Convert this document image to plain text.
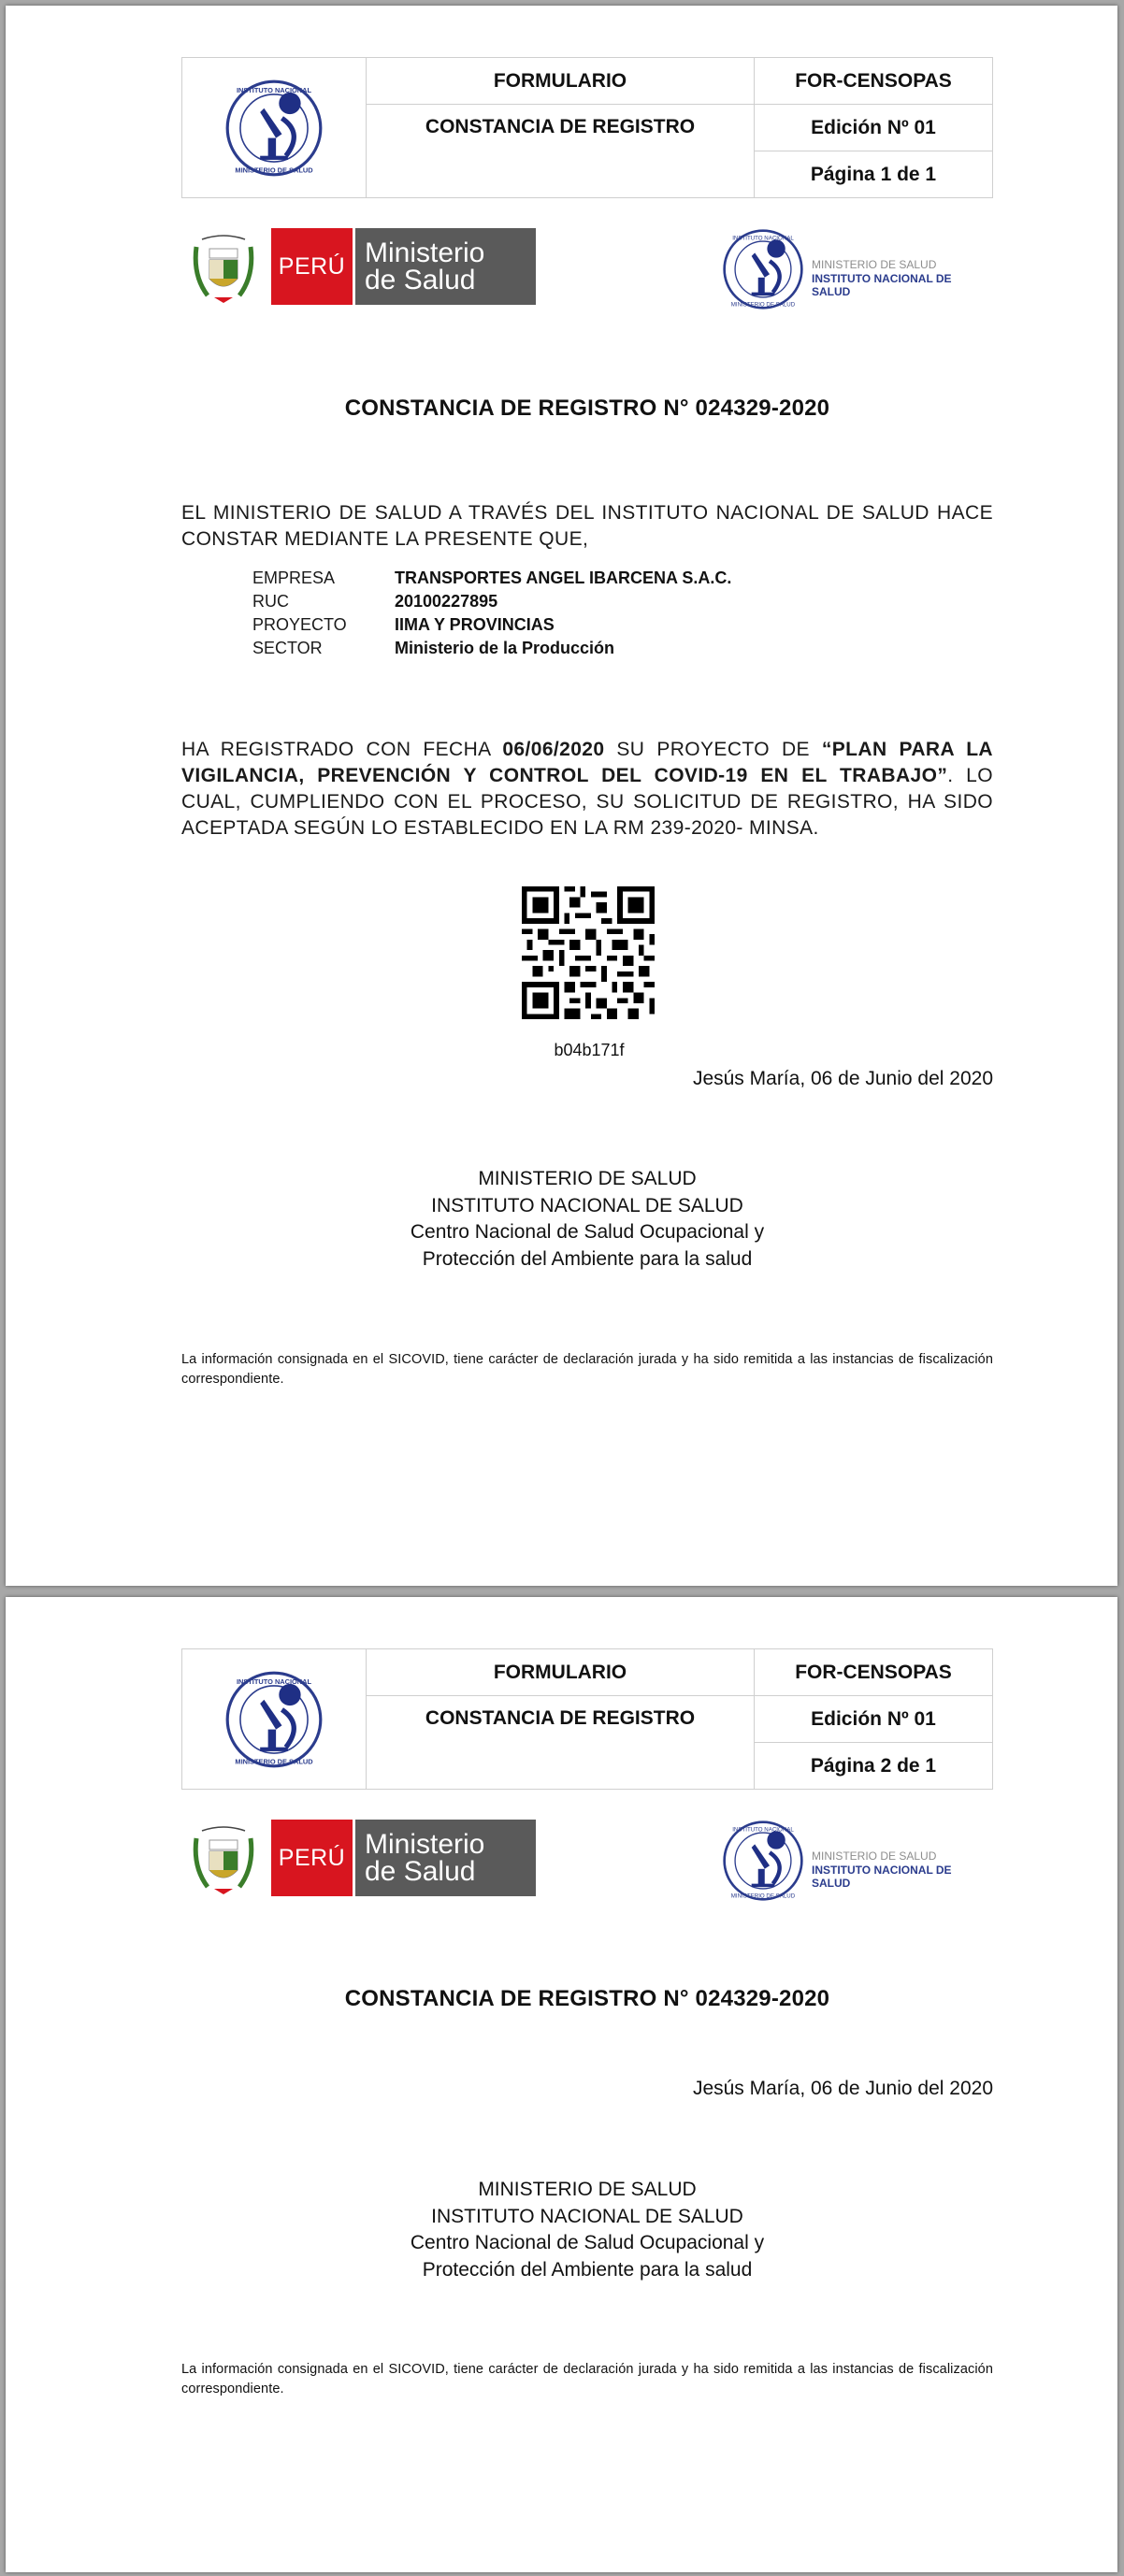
	FORMULARIO	FOR-CENSOPAS
	CONSTANCIA DE REGISTRO	Edición Nº 01
		Página 1 de 1
PERÚ Ministerio
de Salud	MINISTERIO DE SALUD
INSTITUTO NACIONAL DE SALUD
CONSTANCIA DE REGISTRO N° 024329-2020
EL MINISTERIO DE SALUD A TRAVÉS DEL INSTITUTO NACIONAL DE SALUD HACE CONSTAR MEDIANTE LA PRESENTE QUE,
EMPRESA	TRANSPORTES ANGEL IBARCENA S.A.C.
RUC	20100227895
PROYECTO	IIMA Y PROVINCIAS
SECTOR	Ministerio de la Producción
HA REGISTRADO CON FECHA 06/06/2020 SU PROYECTO DE “PLAN PARA LA VIGILANCIA, PREVENCIÓN Y CONTROL DEL COVID-19 EN EL TRABAJO”. LO CUAL, CUMPLIENDO CON EL PROCESO, SU SOLICITUD DE REGISTRO, HA SIDO ACEPTADA SEGÚN LO ESTABLECIDO EN LA RM 239-2020- MINSA.
b04b171f
Jesús María, 06 de Junio del 2020
MINISTERIO DE SALUD
INSTITUTO NACIONAL DE SALUD
Centro Nacional de Salud Ocupacional y
Protección del Ambiente para la salud
La información consignada en el SICOVID, tiene carácter de declaración jurada y ha sido remitida a las instancias de fiscalización correspondiente.
	FORMULARIO	FOR-CENSOPAS
	CONSTANCIA DE REGISTRO	Edición Nº 01
		Página 2 de 1
PERÚ Ministerio
de Salud	MINISTERIO DE SALUD
INSTITUTO NACIONAL DE SALUD
CONSTANCIA DE REGISTRO N° 024329-2020
Jesús María, 06 de Junio del 2020
MINISTERIO DE SALUD
INSTITUTO NACIONAL DE SALUD
Centro Nacional de Salud Ocupacional y
Protección del Ambiente para la salud
La información consignada en el SICOVID, tiene carácter de declaración jurada y ha sido remitida a las instancias de fiscalización correspondiente.
